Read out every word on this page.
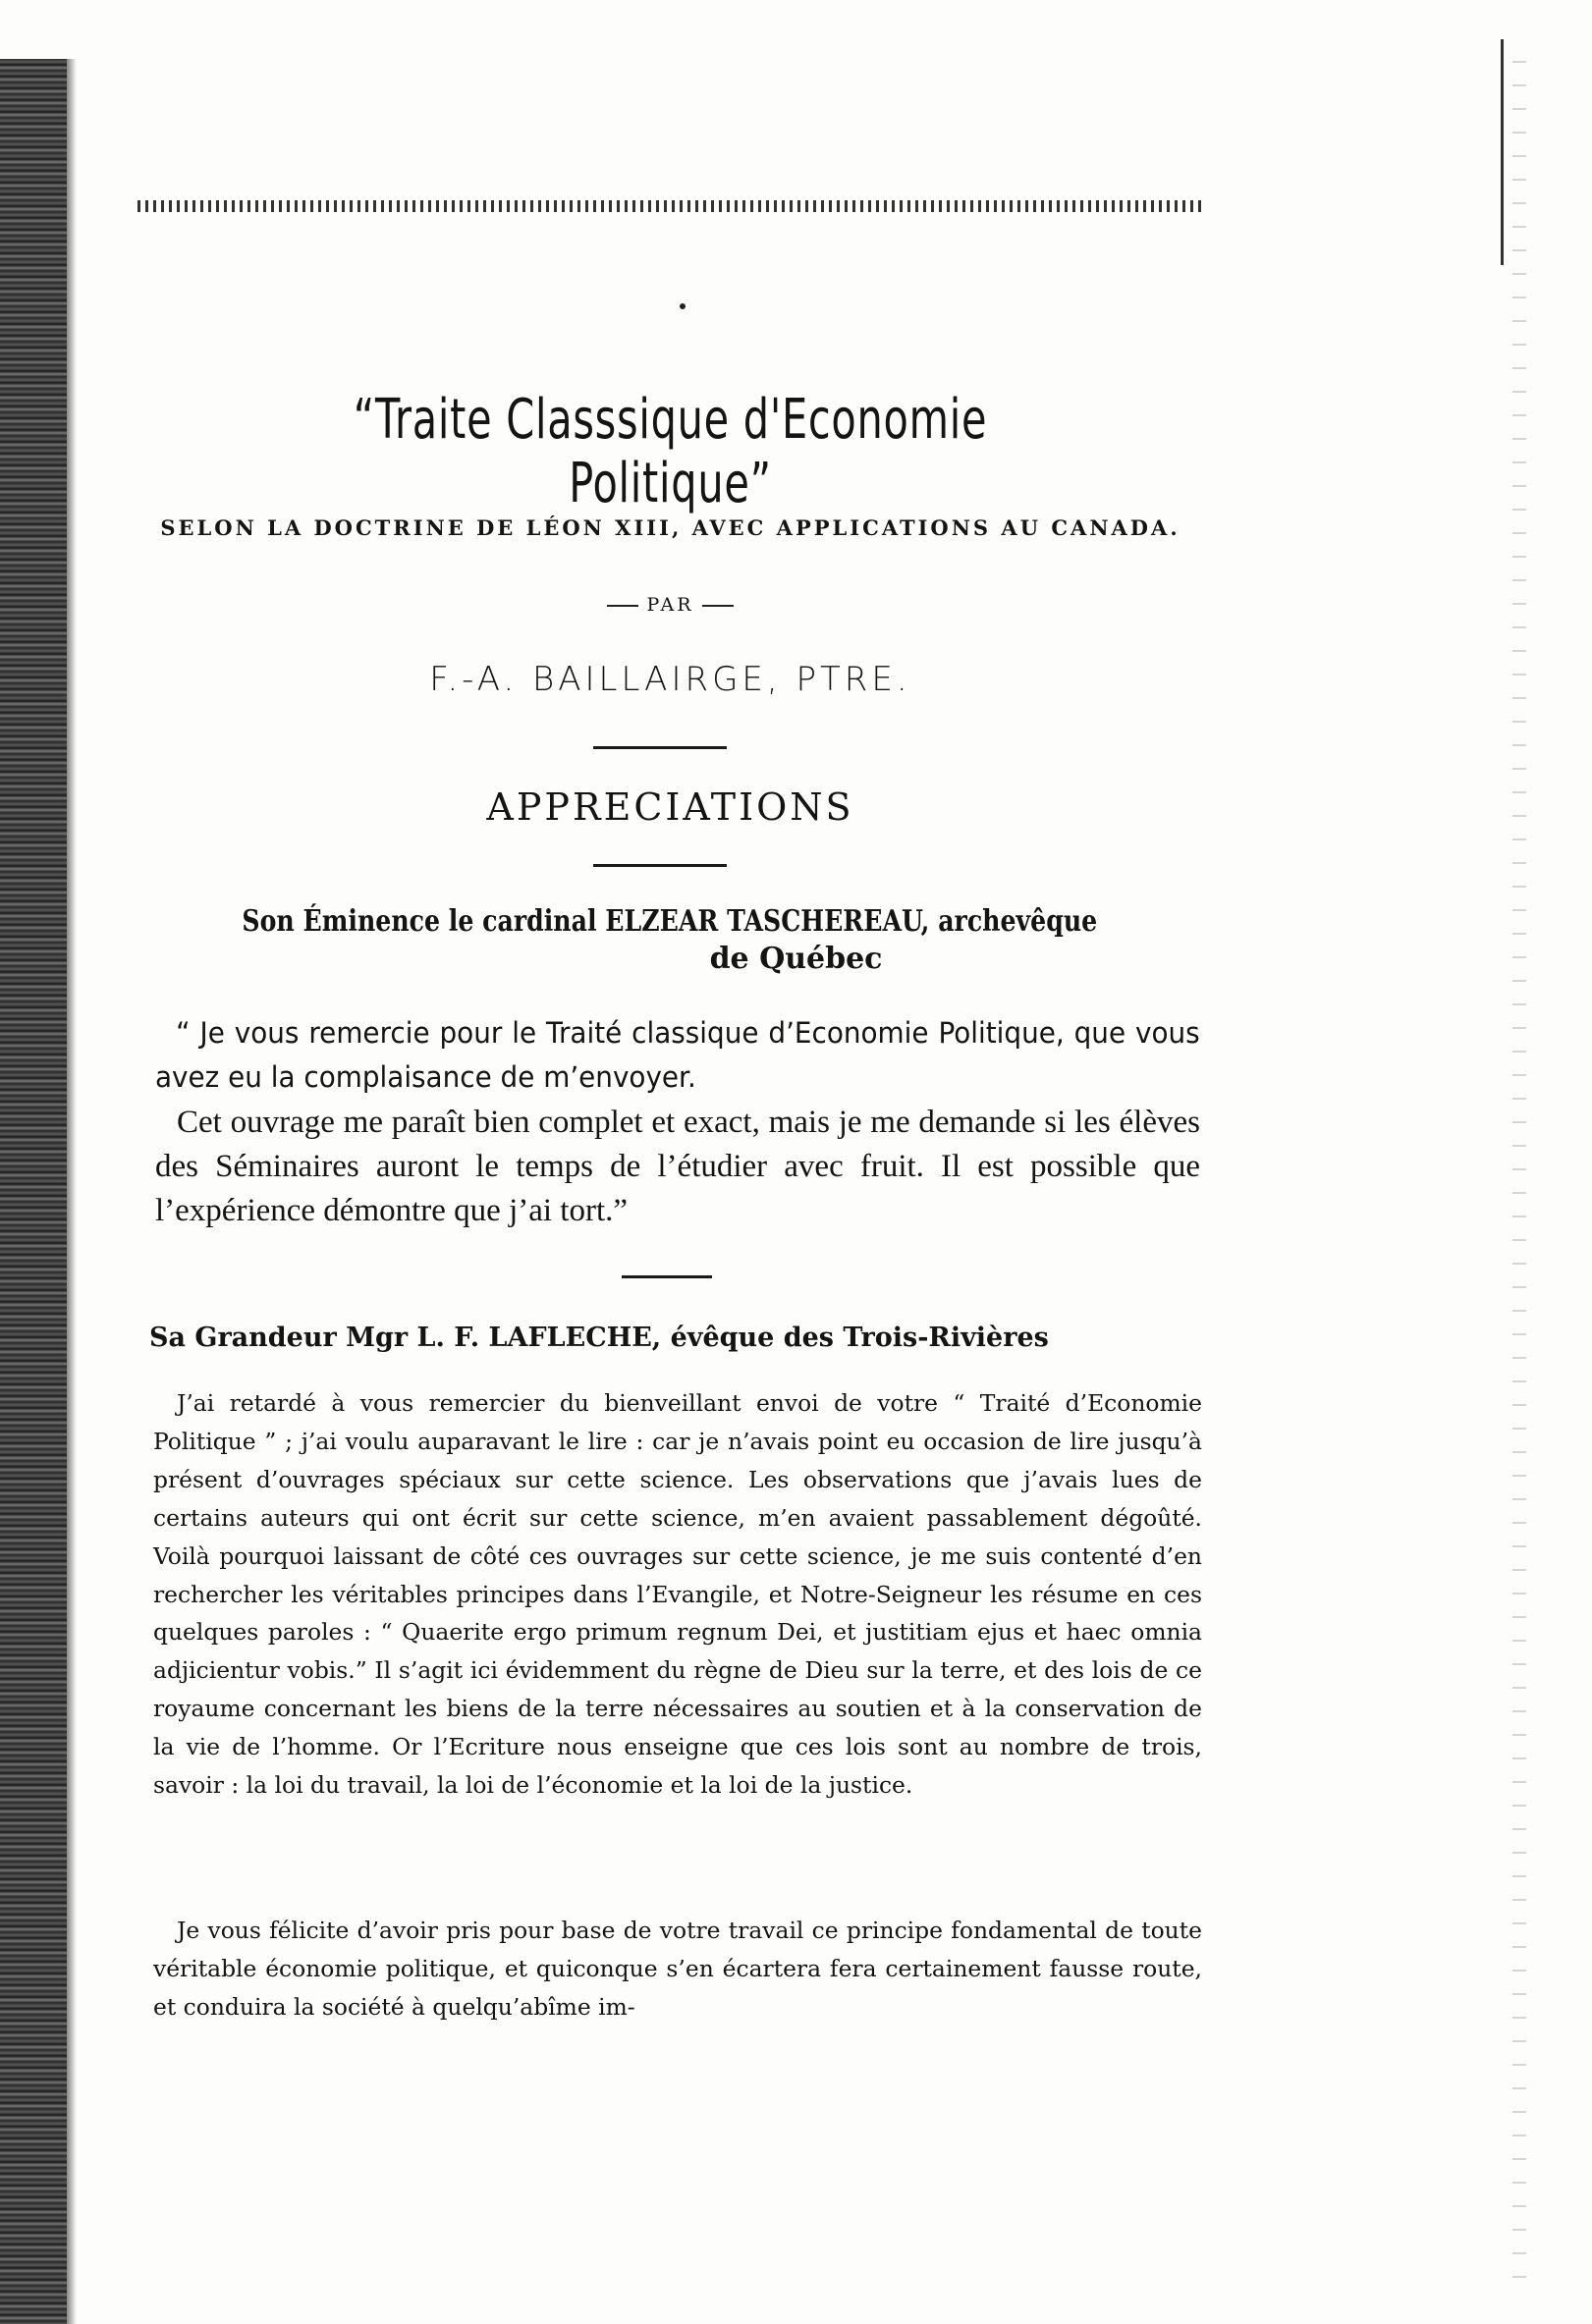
“Traite Classsique d'Economie Politique”
SELON LA DOCTRINE DE LÉON XIII, AVEC APPLICATIONS AU CANADA.
PAR
F.-A. BAILLAIRGE, PTRE.
APPRECIATIONS
Son Éminence le cardinal ELZEAR TASCHEREAU, archevêque
de Québec

“ Je vous remercie pour le Traité classique d’Economie Politique, que vous avez eu la complaisance de m’envoyer.

Cet ouvrage me paraît bien complet et exact, mais je me demande si les élèves des Séminaires auront le temps de l’étudier avec fruit. Il est possible que l’expérience démontre que j’ai tort.”

Sa Grandeur Mgr L. F. LAFLECHE, évêque des Trois-Rivières

J’ai retardé à vous remercier du bienveillant envoi de votre “ Traité d’Economie Politique ” ; j’ai voulu auparavant le lire : car je n’avais point eu occasion de lire jusqu’à présent d’ouvrages spéciaux sur cette science. Les observations que j’avais lues de certains auteurs qui ont écrit sur cette science, m’en avaient passablement dégoûté. Voilà pourquoi laissant de côté ces ouvrages sur cette science, je me suis contenté d’en rechercher les véritables principes dans l’Evangile, et Notre-Seigneur les résume en ces quelques paroles : “ Quaerite ergo primum regnum Dei, et justitiam ejus et haec omnia adjicientur vobis.” Il s’agit ici évidemment du règne de Dieu sur la terre, et des lois de ce royaume concernant les biens de la terre nécessaires au soutien et à la conservation de la vie de l’homme. Or l’Ecriture nous enseigne que ces lois sont au nombre de trois, savoir : la loi du travail, la loi de l’économie et la loi de la justice.

Je vous félicite d’avoir pris pour base de votre travail ce principe fondamental de toute véritable économie politique, et quiconque s’en écartera fera certainement fausse route, et conduira la société à quelqu’abîme im-
